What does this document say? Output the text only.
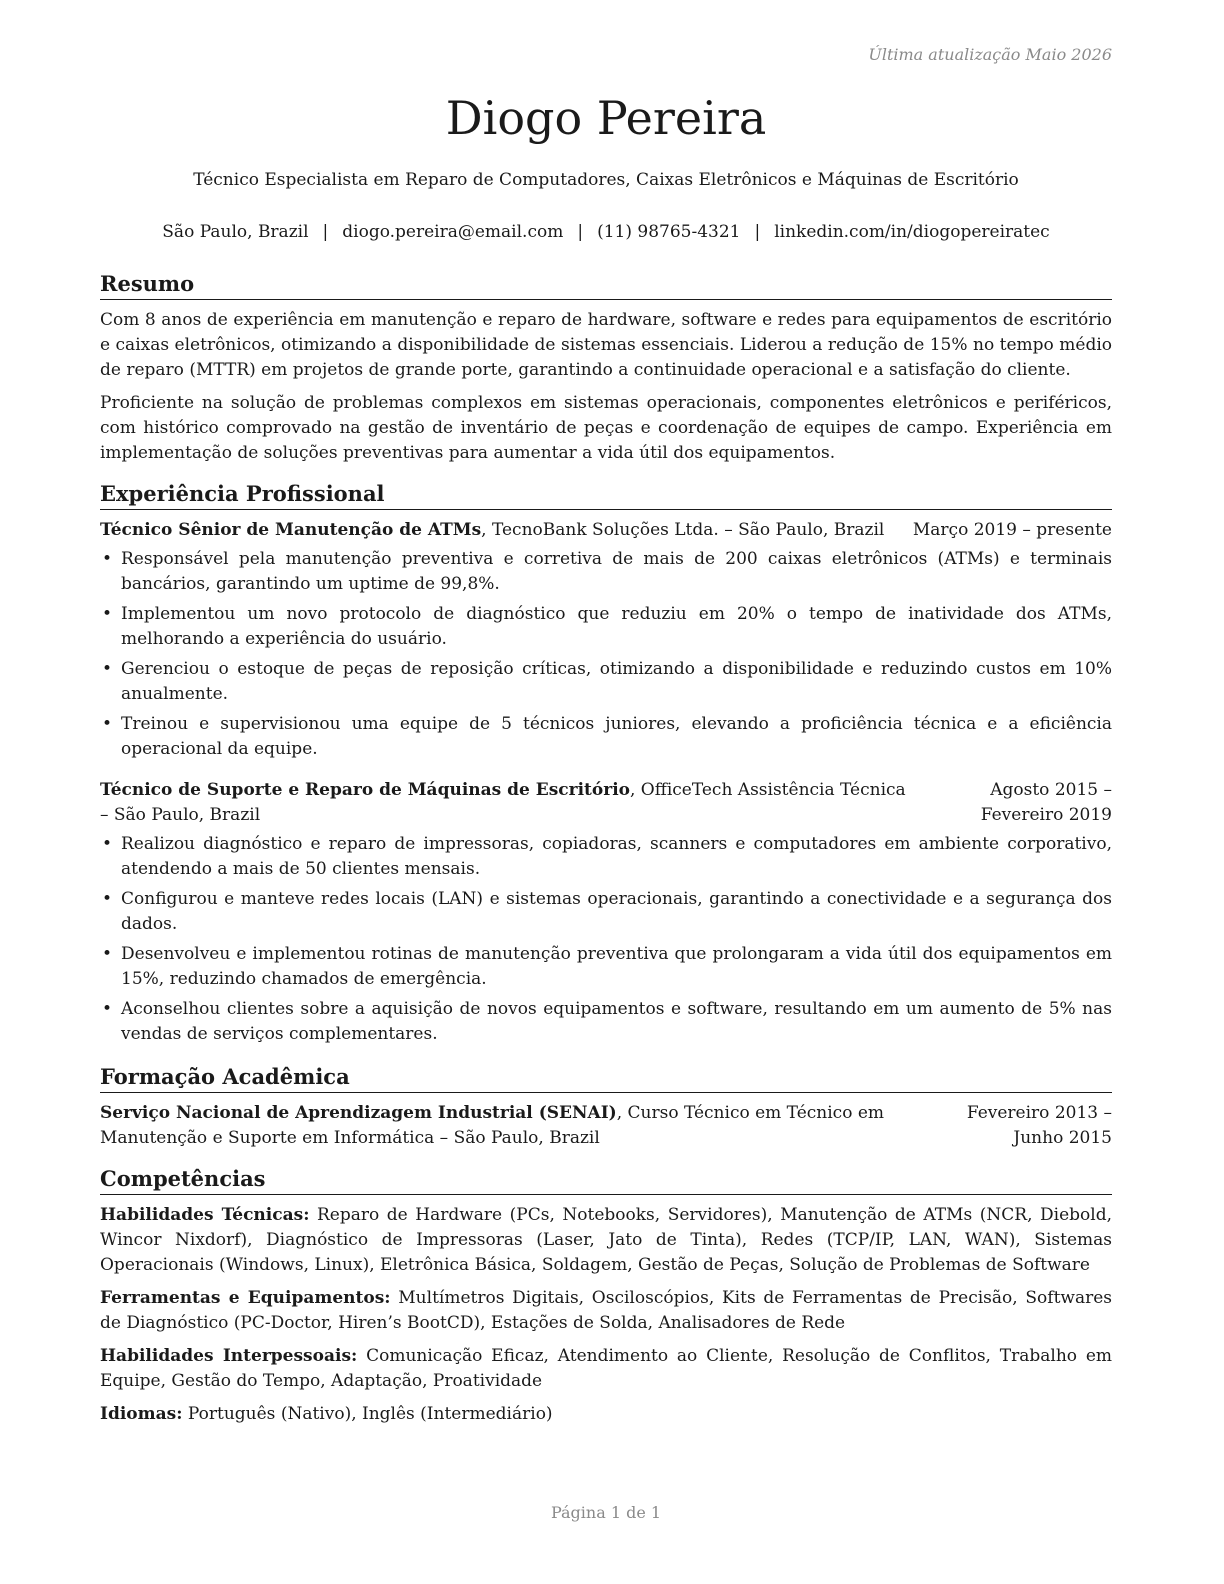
Última atualização Maio 2026
Diogo Pereira
Técnico Especialista em Reparo de Computadores, Caixas Eletrônicos e Máquinas de Escritório
São Paulo, Brazil | diogo.pereira@email.com | (11) 98765-4321 | linkedin.com/in/diogopereiratec
Resumo

Com 8 anos de experiência em manutenção e reparo de hardware, software e redes para equipamentos de escritório e caixas eletrônicos, otimizando a disponibilidade de sistemas essenciais. Liderou a redução de 15% no tempo médio de reparo (MTTR) em projetos de grande porte, garantindo a continuidade operacional e a satisfação do cliente.

Proficiente na solução de problemas complexos em sistemas operacionais, componentes eletrônicos e periféricos, com histórico comprovado na gestão de inventário de peças e coordenação de equipes de campo. Experiência em implementação de soluções preventivas para aumentar a vida útil dos equipamentos.

Experiência Profissional
Técnico Sênior de Manutenção de ATMs, TecnoBank Soluções Ltda. – São Paulo, Brazil	Março 2019 – presente
• Responsável pela manutenção preventiva e corretiva de mais de 200 caixas eletrônicos (ATMs) e terminais bancários, garantindo um uptime de 99,8%.
• Implementou um novo protocolo de diagnóstico que reduziu em 20% o tempo de inatividade dos ATMs, melhorando a experiência do usuário.
• Gerenciou o estoque de peças de reposição críticas, otimizando a disponibilidade e reduzindo custos em 10% anualmente.
• Treinou e supervisionou uma equipe de 5 técnicos juniores, elevando a proficiência técnica e a eficiência operacional da equipe.
Técnico de Suporte e Reparo de Máquinas de Escritório, OfficeTech Assistência Técnica – São Paulo, Brazil
Agosto 2015 – Fevereiro 2019
• Realizou diagnóstico e reparo de impressoras, copiadoras, scanners e computadores em ambiente corporativo, atendendo a mais de 50 clientes mensais.
• Configurou e manteve redes locais (LAN) e sistemas operacionais, garantindo a conectividade e a segurança dos dados.
• Desenvolveu e implementou rotinas de manutenção preventiva que prolongaram a vida útil dos equipamentos em 15%, reduzindo chamados de emergência.
• Aconselhou clientes sobre a aquisição de novos equipamentos e software, resultando em um aumento de 5% nas vendas de serviços complementares.
Formação Acadêmica
Serviço Nacional de Aprendizagem Industrial (SENAI), Curso Técnico em Técnico em Manutenção e Suporte em Informática – São Paulo, Brazil
Fevereiro 2013 – Junho 2015
Competências

Habilidades Técnicas: Reparo de Hardware (PCs, Notebooks, Servidores), Manutenção de ATMs (NCR, Diebold, Wincor Nixdorf), Diagnóstico de Impressoras (Laser, Jato de Tinta), Redes (TCP/IP, LAN, WAN), Sistemas Operacionais (Windows, Linux), Eletrônica Básica, Soldagem, Gestão de Peças, Solução de Problemas de Software

Ferramentas e Equipamentos: Multímetros Digitais, Osciloscópios, Kits de Ferramentas de Precisão, Softwares de Diagnóstico (PC-Doctor, Hiren’s BootCD), Estações de Solda, Analisadores de Rede

Habilidades Interpessoais: Comunicação Eficaz, Atendimento ao Cliente, Resolução de Conflitos, Trabalho em Equipe, Gestão do Tempo, Adaptação, Proatividade

Idiomas: Português (Nativo), Inglês (Intermediário)

Página 1 de 1
